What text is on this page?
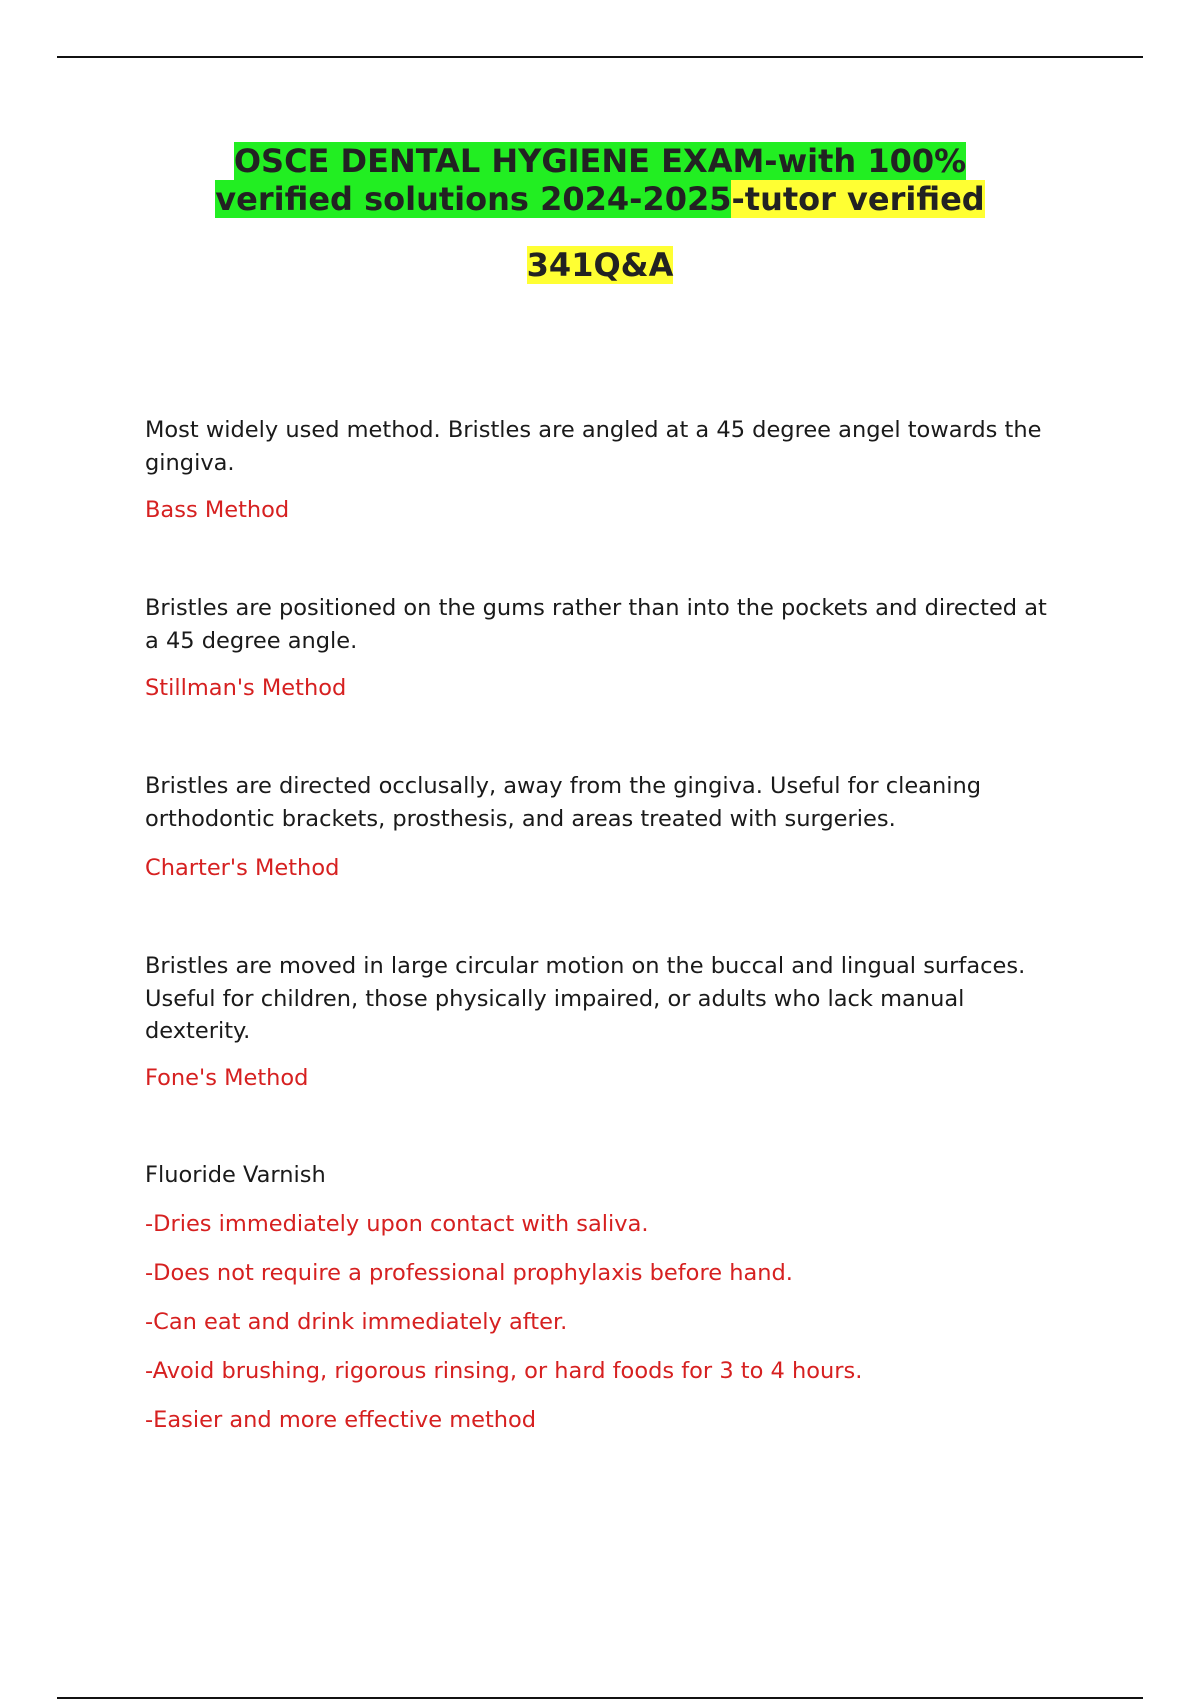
OSCE DENTAL HYGIENE EXAM-with 100% verified solutions 2024-2025-tutor verified
341Q&A
Most widely used method. Bristles are angled at a 45 degree angel towards the gingiva.
Bass Method
Bristles are positioned on the gums rather than into the pockets and directed at a 45 degree angle.
Stillman's Method
Bristles are directed occlusally, away from the gingiva. Useful for cleaning orthodontic brackets, prosthesis, and areas treated with surgeries.
Charter's Method
Bristles are moved in large circular motion on the buccal and lingual surfaces. Useful for children, those physically impaired, or adults who lack manual dexterity.
Fone's Method
Fluoride Varnish
-Dries immediately upon contact with saliva.
-Does not require a professional prophylaxis before hand.
-Can eat and drink immediately after.
-Avoid brushing, rigorous rinsing, or hard foods for 3 to 4 hours.
-Easier and more effective method
